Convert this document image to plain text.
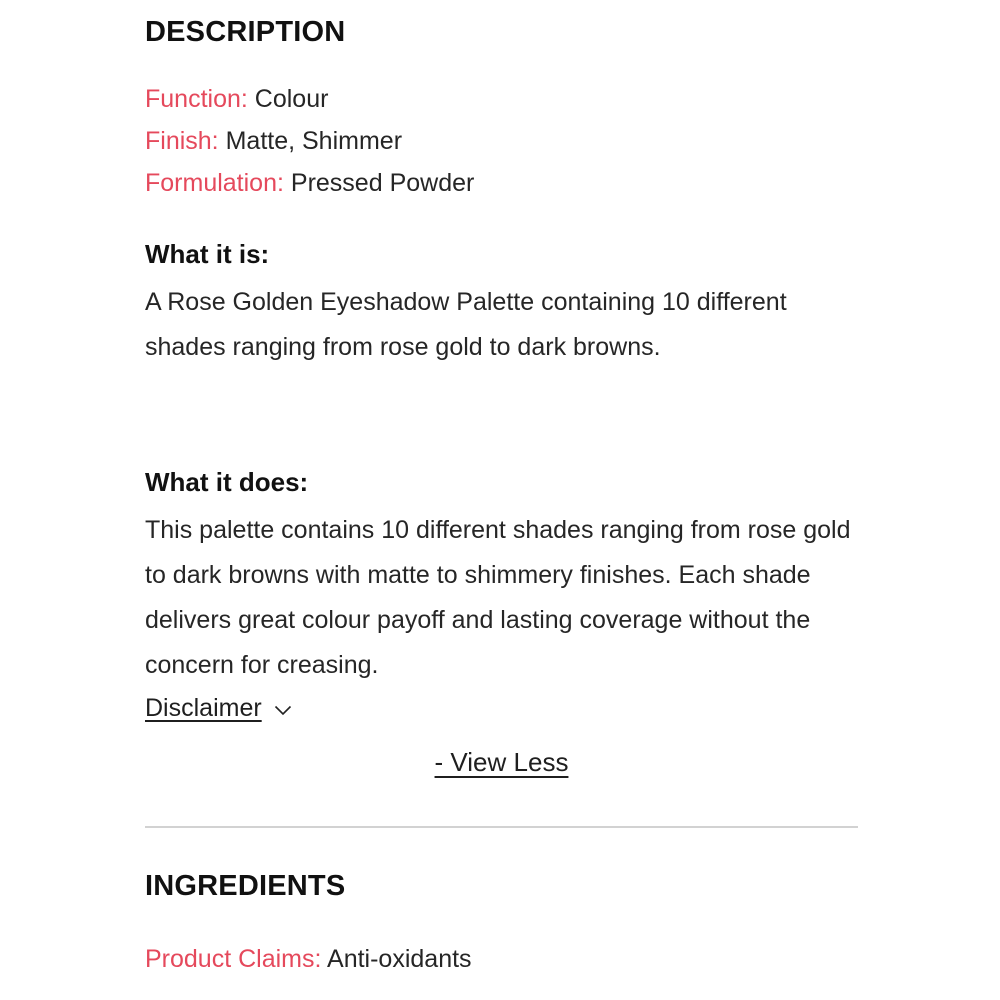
DESCRIPTION
Function: Colour
Finish: Matte, Shimmer
Formulation: Pressed Powder
What it is:

A Rose Golden Eyeshadow Palette containing 10 different shades ranging from rose gold to dark browns.

What it does:

This palette contains 10 different shades ranging from rose gold to dark browns with matte to shimmery finishes. Each shade delivers great colour payoff and lasting coverage without the concern for creasing.

Disclaimer
- View Less
INGREDIENTS
Product Claims: Anti-oxidants
